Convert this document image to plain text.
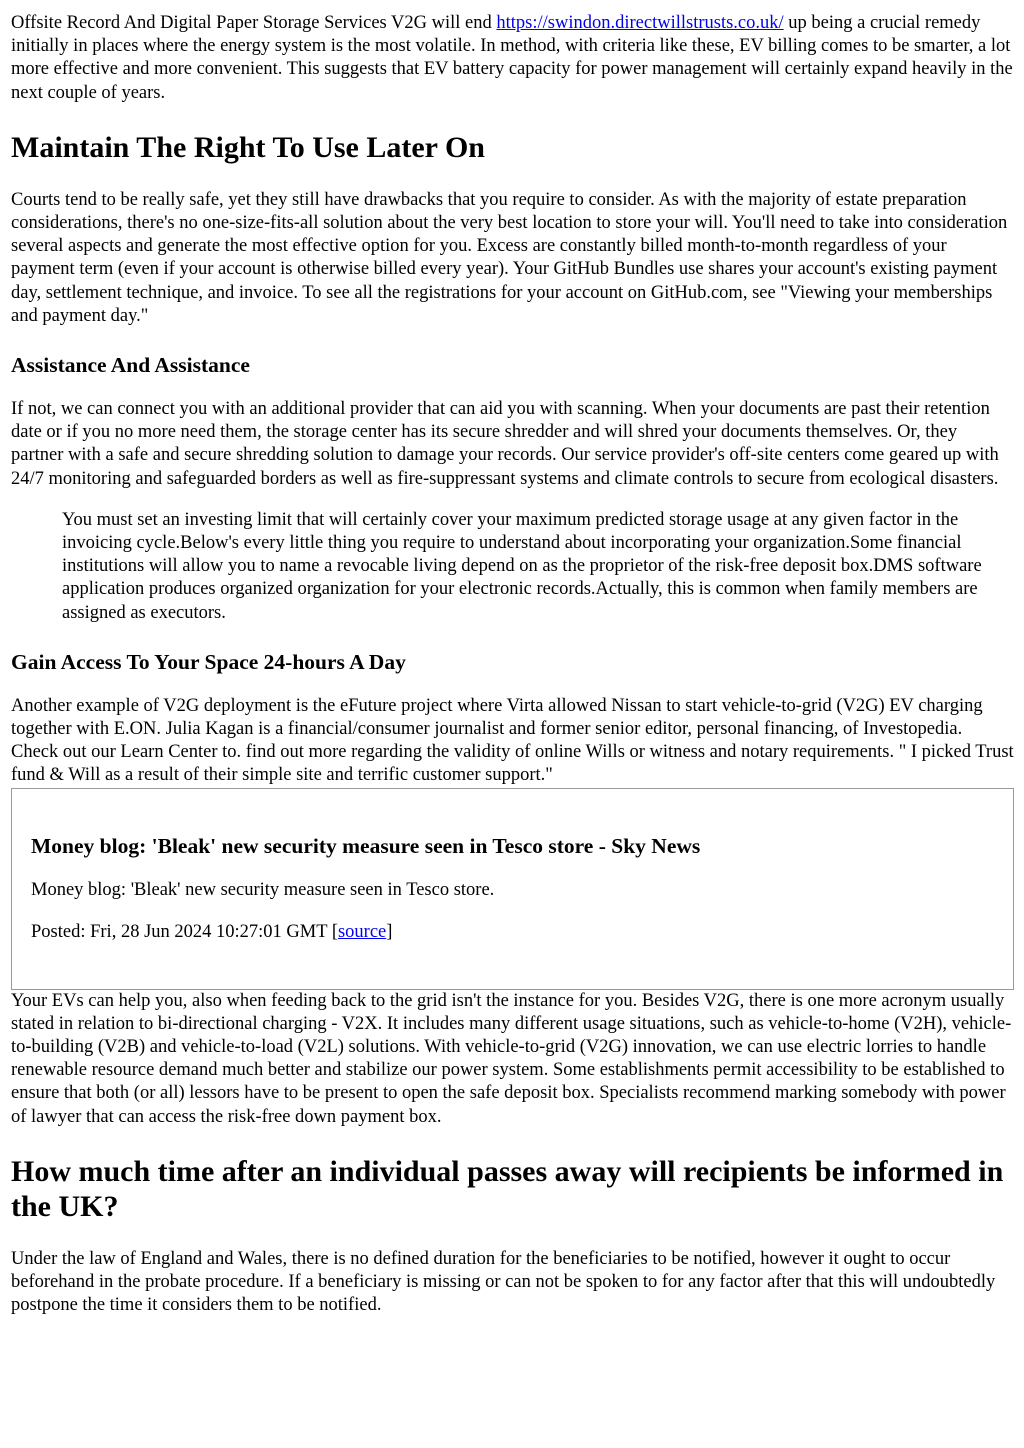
Offsite Record And Digital Paper Storage Services V2G will end https://swindon.directwillstrusts.co.uk/ up being a crucial remedy initially in places where the energy system is the most volatile. In method, with criteria like these, EV billing comes to be smarter, a lot more effective and more convenient. This suggests that EV battery capacity for power management will certainly expand heavily in the next couple of years.

Maintain The Right To Use Later On

Courts tend to be really safe, yet they still have drawbacks that you require to consider. As with the majority of estate preparation considerations, there's no one-size-fits-all solution about the very best location to store your will. You'll need to take into consideration several aspects and generate the most effective option for you. Excess are constantly billed month-to-month regardless of your payment term (even if your account is otherwise billed every year). Your GitHub Bundles use shares your account's existing payment day, settlement technique, and invoice. To see all the registrations for your account on GitHub.com, see "Viewing your memberships and payment day."

Assistance And Assistance

If not, we can connect you with an additional provider that can aid you with scanning. When your documents are past their retention date or if you no more need them, the storage center has its secure shredder and will shred your documents themselves. Or, they partner with a safe and secure shredding solution to damage your records. Our service provider's off-site centers come geared up with 24/7 monitoring and safeguarded borders as well as fire-suppressant systems and climate controls to secure from ecological disasters.

You must set an investing limit that will certainly cover your maximum predicted storage usage at any given factor in the invoicing cycle.Below's every little thing you require to understand about incorporating your organization.Some financial institutions will allow you to name a revocable living depend on as the proprietor of the risk-free deposit box.DMS software application produces organized organization for your electronic records.Actually, this is common when family members are assigned as executors.
Gain Access To Your Space 24-hours A Day

Another example of V2G deployment is the eFuture project where Virta allowed Nissan to start vehicle-to-grid (V2G) EV charging together with E.ON. Julia Kagan is a financial/consumer journalist and former senior editor, personal financing, of Investopedia. Check out our Learn Center to. find out more regarding the validity of online Wills or witness and notary requirements. " I picked Trust fund & Will as a result of their simple site and terrific customer support."

Money blog: 'Bleak' new security measure seen in Tesco store - Sky News

Money blog: 'Bleak' new security measure seen in Tesco store.

Posted: Fri, 28 Jun 2024 10:27:01 GMT [source]

Your EVs can help you, also when feeding back to the grid isn't the instance for you. Besides V2G, there is one more acronym usually stated in relation to bi-directional charging - V2X. It includes many different usage situations, such as vehicle-to-home (V2H), vehicle-to-building (V2B) and vehicle-to-load (V2L) solutions. With vehicle-to-grid (V2G) innovation, we can use electric lorries to handle renewable resource demand much better and stabilize our power system. Some establishments permit accessibility to be established to ensure that both (or all) lessors have to be present to open the safe deposit box. Specialists recommend marking somebody with power of lawyer that can access the risk-free down payment box.

How much time after an individual passes away will recipients be informed in the UK?

Under the law of England and Wales, there is no defined duration for the beneficiaries to be notified, however it ought to occur beforehand in the probate procedure. If a beneficiary is missing or can not be spoken to for any factor after that this will undoubtedly postpone the time it considers them to be notified.
